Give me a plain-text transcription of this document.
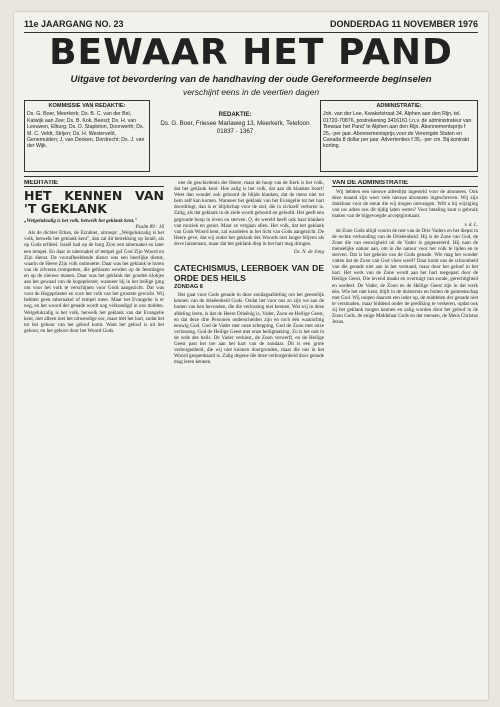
11e JAARGANG NO. 23	DONDERDAG 11 NOVEMBER 1976
BEWAAR HET PAND
Uitgave tot bevordering van de handhaving der oude Gereformeerde beginselen
verschijnt eens in de veertien dagen
KOMMISSIE VAN REDAKTIE:
Ds. G. Boer, Meerkerk; Ds. B. C. van der Bel, Katwijk aan Zee; Ds. B. Kok, Beesd; Ds. H. van Leeuwen, Elburg; Ds. D. Stapleton, Doorwerth; Ds. M. C. Veldt, Strijen; Ds. H. Westerveld, Genemuiden; J. van Denken, Dordrecht; Ds. J. van der Wijk.
REDAKTIE:
Ds. G. Boer, Friesee Marlaweg 13, Meerkerk, Telefoon 01837 - 1367
ADMINISTRATIE:
Joh. van der Lee, Kwaketstraat 34, Alphen aan den Rijn, tel. 01720-70876, postrekening 3416161 t.n.v. de administrateur van 'Bewaar het Pand' te Alphen aan den Rijn. Abonnementsprijs f 25,- per jaar. Abonnementsprijs voor de Verenigde Staten en Canada 8 dollar per jaar. Advertenties f 35,- per cm. Bij kontrakt korting.
MEDITATIE
HET KENNEN VAN 'T GEKLANK
„Welgelukzalig is het volk, hetwelk het geklank kent."
Psalm 89 : 16

Als de dichter Ethan, de Ezrahiet, uitroept: „Welgelukzalig is het volk, hetwelk het geklank kent", dan zal dit betrekking op Israël, als op Gods erfdeel. Israël had op de burg Zion een tabernakel en later een tempel. En daar in tabernakel of tempel gaf God Zijn Woord en Zijn dienst. De voorafbeeldende dienst was een heerlijke dienst, waarin de Heere Zijn volk ontmoette. Daar was het geklank te horen van de zilveren trompetten, die geblazen werden op de feestdagen en op de nieuwe manen. Daar was het geklank der gouden klokjes aan het gewaad van de hogepriester, wanneer hij in het heilige ging om voor het volk te verschijnen voor Gods aangezicht. Dat was voor de Hogepriester en voor het volk van het grootste gewicht. Wij hebben geen tabernakel of tempel meer. Maar het Evangelie is er nog, en het woord der genade wordt nog verkondigd in ons midden. Welgelukzalig is het volk, hetwelk het geklank van dat Evangelie kent, niet alleen met het uitwendige oor, maar met het hart, zodat het tot het gehoor van het geloof komt. Want het geloof is uit het gehoor, en het gehoor door het Woord Gods.

niet de geschiedenis der Heere, maar de hoop van de Kerk is het volk, dat het geklank kent. Hoe zalig is het volk, dat aan dit klanken hoort! Weet dan wonder ook geboord de blijde klanken, dat de mens niet tot hem zelf kan komen. Wanneer het geklank van het Evangelie tot het hart doordringt, dan is er blijdschap voor de ziel, die in zichzelf verloren is. Zalig, als dat geklank in de ziele wordt gehoord en geloofd. Het geeft een gegronde hoop in leven en sterven. O, de wereld heeft ook haar klanken van muziek en genot. Maar ze vergaan allen. Het volk, dat het geklank van Gods Woord kent, zal wandelen in het licht van Gods aangezicht. De Heere geve, dat wij onder het geklank des Woords niet langer blijven als dove luisteraars, maar dat het geklank diep in het hart mag dringen.

Ds. N. de Jong
CATECHISMUS, LEERBOEK VAN DE ORDE DES HEILS
ZONDAG 8

Het gaat voor Gods genade in deze zondagsafdeling om het geestelijk kennen van de drieëenheid Gods. Ondat het voor ons zo zijn we aan de harten van hen bevonden, die die verlossing niet kennen. Wat wij in deze afdeling leren, is dat de Heere Drieënig is, Vader, Zoon en Heilige Geest, en dat deze drie Personen onderscheiden zijn en toch één waarachtig eeuwig God. God de Vader met onze schepping, God de Zoon met onze verlossing, God de Heilige Geest met onze heiligmaking. Zo is het ook in de orde des heils. De Vader verkiest, de Zoon verwerft, en de Heilige Geest past het toe aan het hart van de zondaar. Dit is een grote verborgenheid, die wij niet kunnen doorgronden, maar die ons in het Woord geopenbaard is. Zalig degene die deze verborgenheid door genade mag leren kennen.

VAN DE ADMINISTRATIE

Wij hebben een nieuwe adreslijst ingesteld voor de abonnees. Ook deze maand zijn weer vele nieuwe abonnees ingeschreven. Wij zijn dankbaar voor de steun die wij mogen ontvangen. Wilt u bij wijziging van uw adres ons dit tijdig laten weten? Voor betaling kunt u gebruik maken van de bijgevoegde acceptgirokaart.

v. d. L.

de Zone Gods altijd voorin de rest van de Drie Vaders en het diepst in de rechte verhouding van de Drieëenheid. Hij is de Zone van God, de Zone die van eeuwigheid uit de Vader is gegenereerd. Hij nam de menselijke natuur aan, om in die natuur voor het volk te lijden en te sterven. Dat is het geheim van de Gods genade. Wie mag het wonder vatten dat de Zoon van God vlees werd? Daar komt ons de schoonheid van die genade niet aan in het verstand, maar door het geloof in het hart. Het werk van de Zone wordt aan het hart toegepast door de Heilige Geest, Die levend maakt en overtuigt van zonde, gerechtigheid en oordeel. De Vader, de Zoon en de Heilige Geest zijn in dat werk één. Wie het niet kent, blijft in de duisternis en buiten de gemeenschap met God. Wij roepen daarom een ieder op, de middelen der genade niet te versmaden, maar biddend onder de prediking te verkeren, opdat ook zij het geklank mogen kennen en zalig worden door het geloof in de Zoon Gods, de enige Middelaar Gods en der mensen, de Mens Christus Jezus.
